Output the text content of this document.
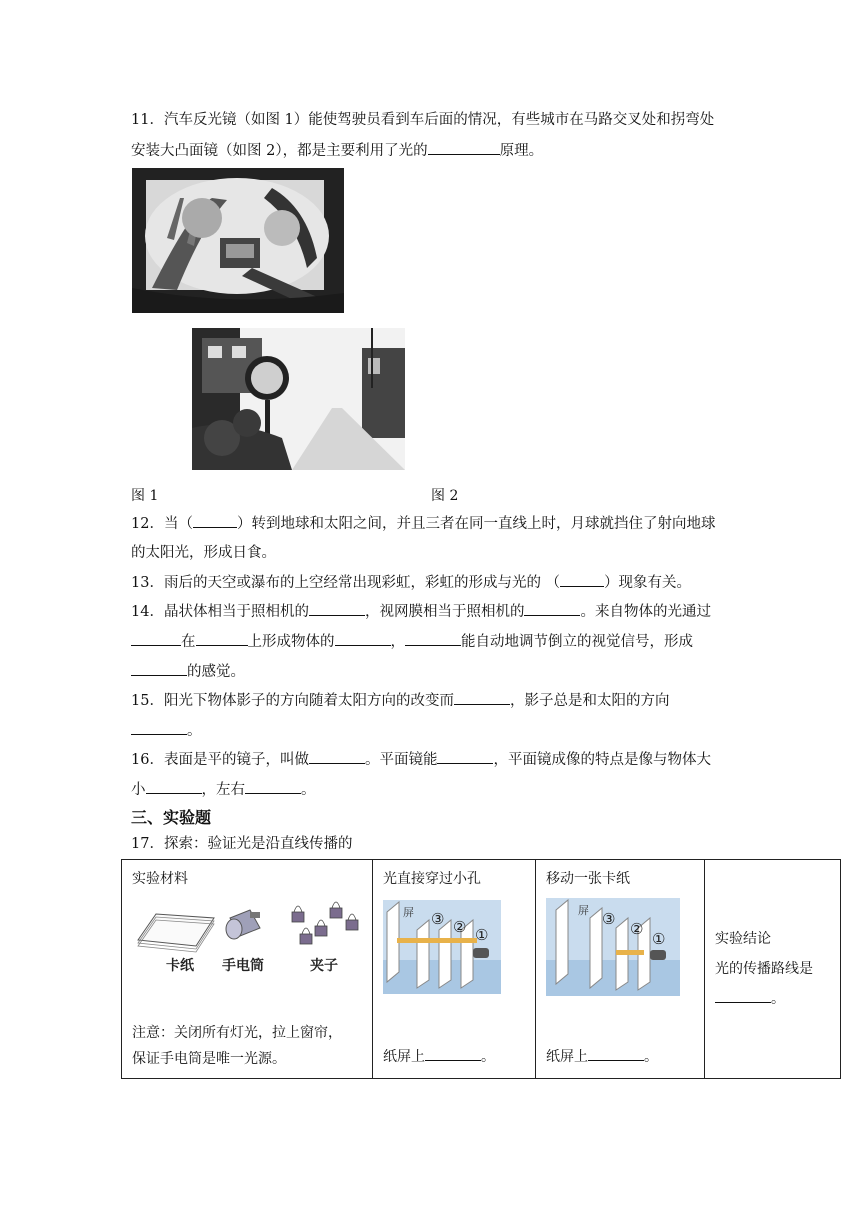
11．汽车反光镜（如图 1）能使驾驶员看到车后面的情况，有些城市在马路交叉处和拐弯处
安装大凸面镜（如图 2），都是主要利用了光的	原理。
图 1	图 2
12．当（	）转到地球和太阳之间，并且三者在同一直线上时，月球就挡住了射向地球
的太阳光，形成日食。
13．雨后的天空或瀑布的上空经常出现彩虹，彩虹的形成与光的 （	）现象有关。
14．晶状体相当于照相机的	，视网膜相当于照相机的	。来自物体的光通过
在	上形成物体的	，	能自动地调节倒立的视觉信号，形成
的感觉。
15．阳光下物体影子的方向随着太阳方向的改变而	，影子总是和太阳的方向
。
16．表面是平的镜子，叫做	。平面镜能	，平面镜成像的特点是像与物体大
小	，左右	。
三、实验题
17．探索：验证光是沿直线传播的
实验材料
卡纸 手电筒	夹子
注意：关闭所有灯光，拉上窗帘，
保证手电筒是唯一光源。

光直接穿过小孔
屏 ③ ② ①
纸屏上	。

移动一张卡纸
屏 ③
②
①
纸屏上	。

实验结论
光的传播路线是
。
